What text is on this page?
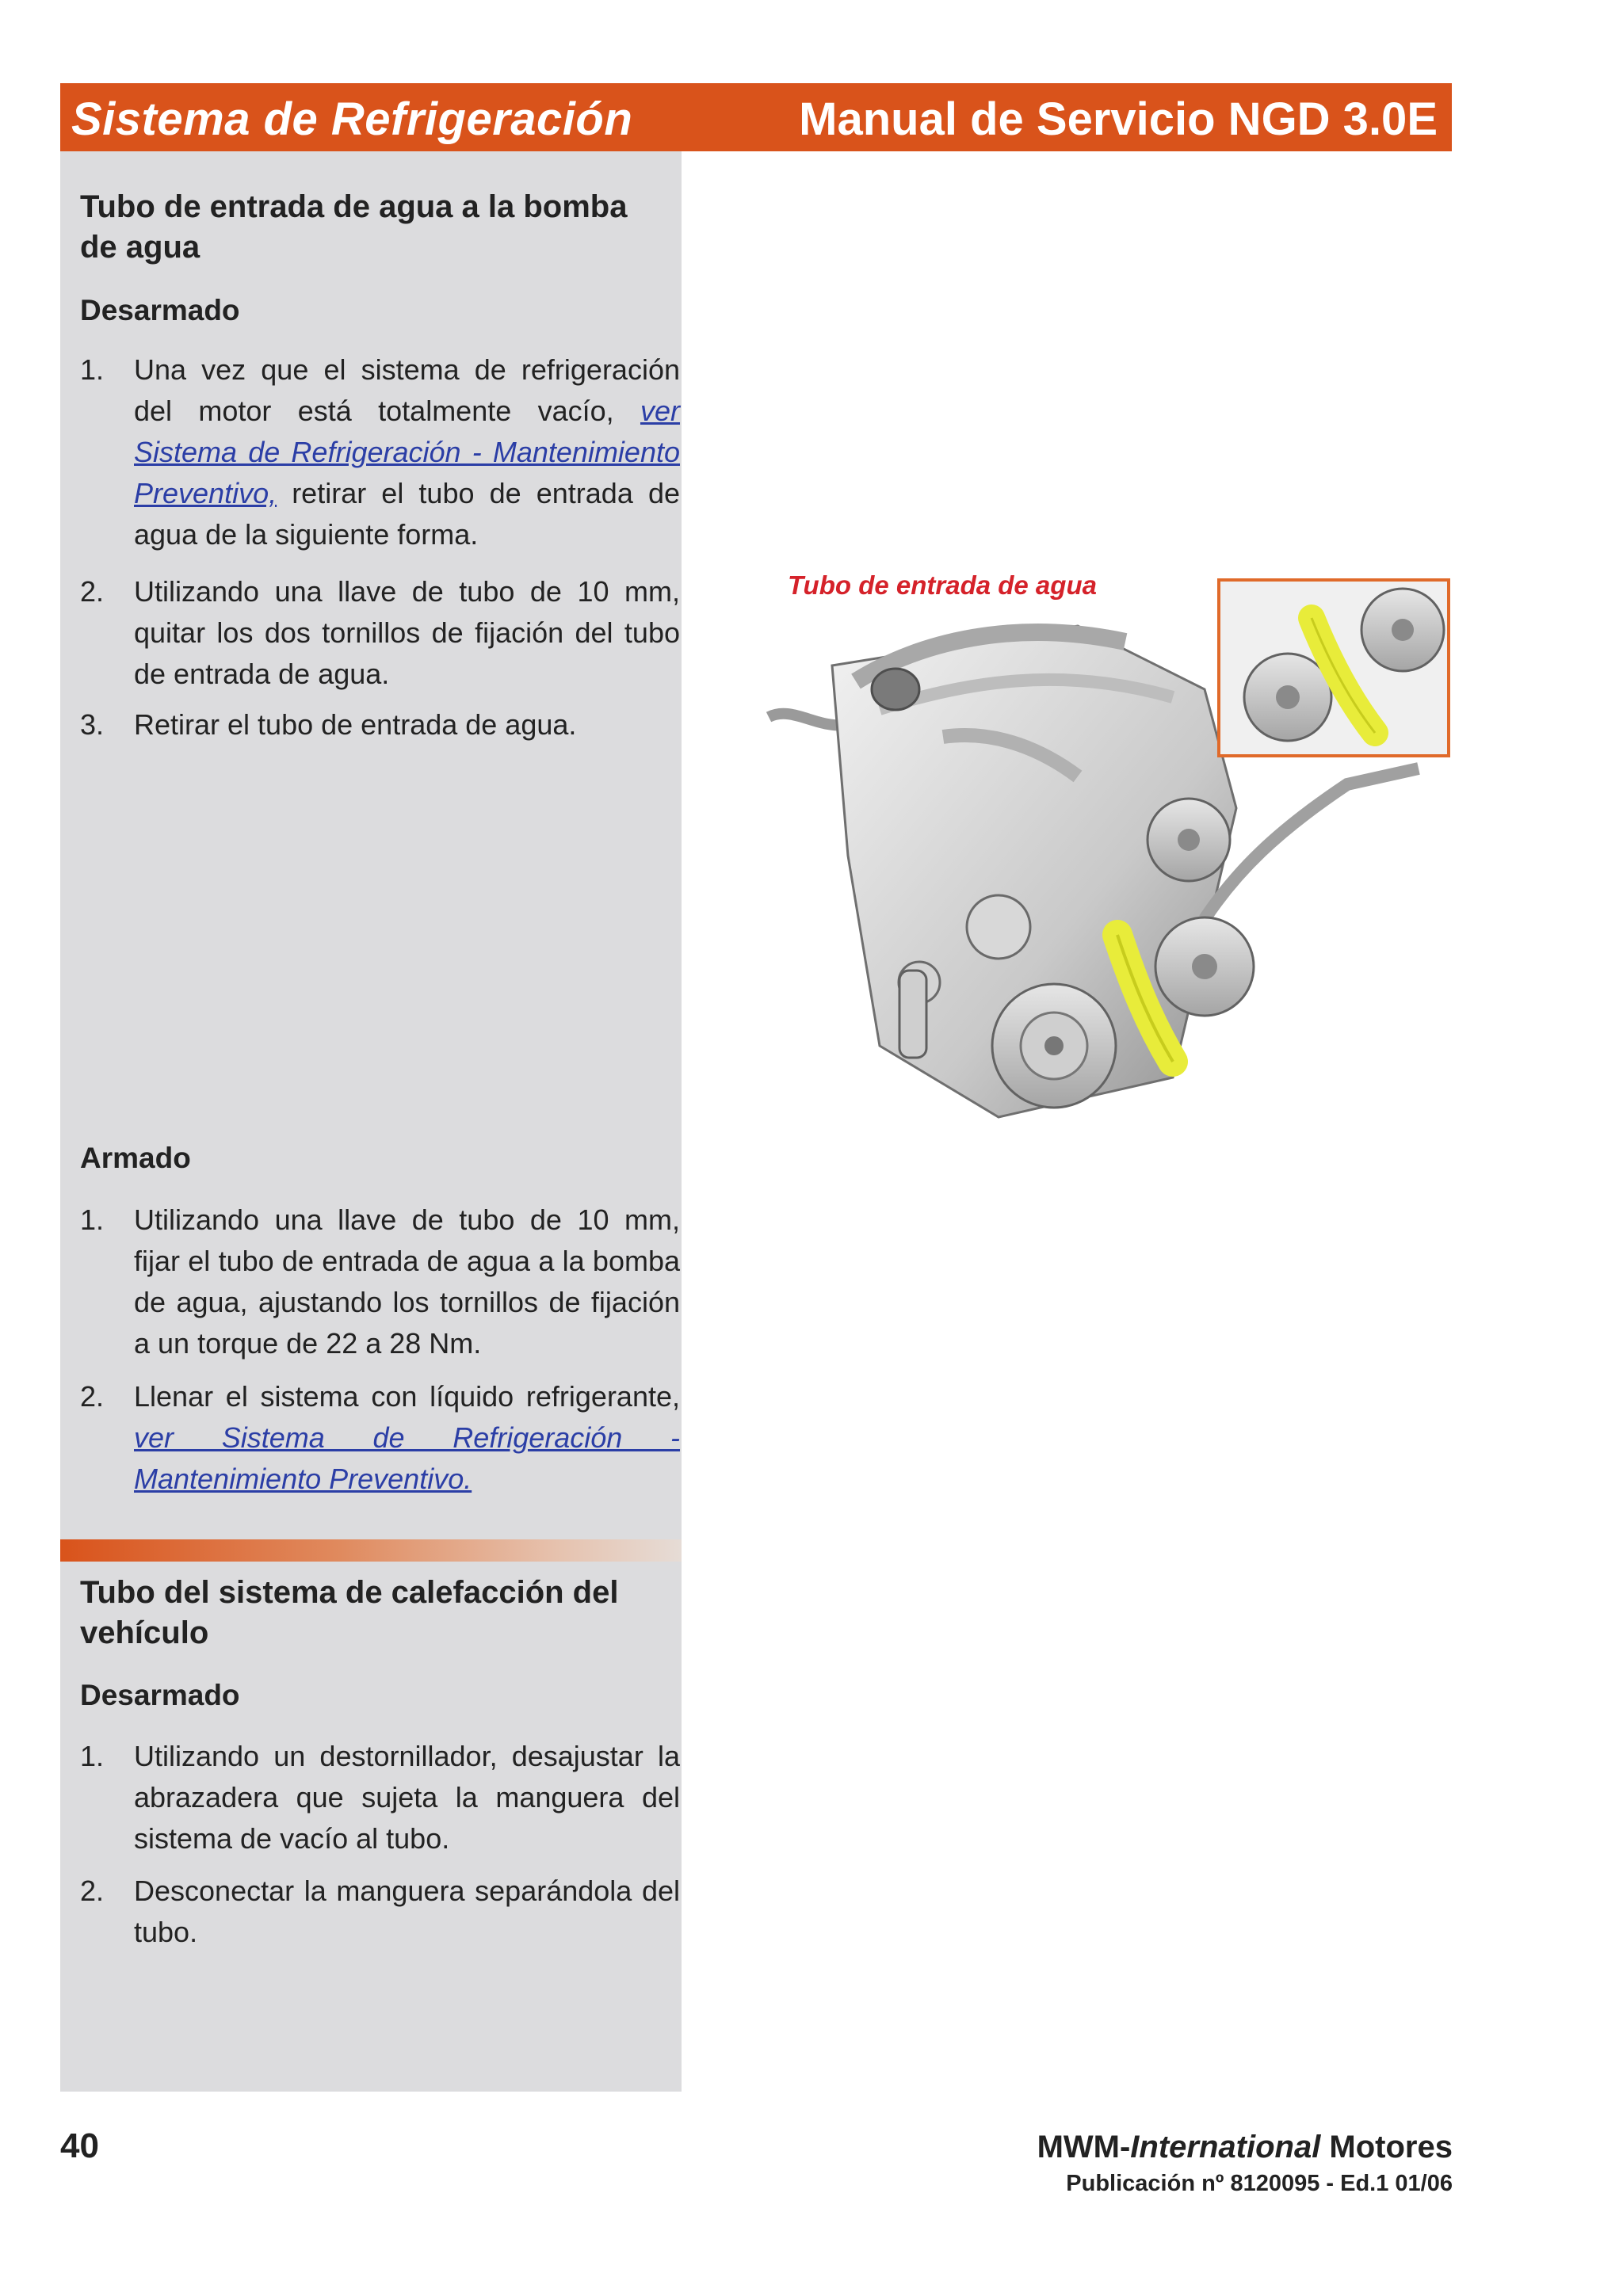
Sistema de Refrigeración	Manual de Servicio NGD 3.0E
Tubo de entrada de agua a la bomba de agua
Desarmado
1.	Una vez que el sistema de refrigeración del motor está totalmente vacío, ver Sistema de Refrigeración - Mantenimiento Preventivo, retirar el tubo de entrada de agua de la siguiente forma.
2.	Utilizando una llave de tubo de 10 mm, quitar los dos tornillos de fijación del tubo de entrada de agua.
3.	Retirar el tubo de entrada de agua.
Armado
1.	Utilizando una llave de tubo de 10 mm, fijar el tubo de entrada de agua a la bomba de agua, ajustando los tornillos de fijación a un torque de 22 a 28 Nm.
2.	Llenar el sistema con líquido refrigerante, ver Sistema de Refrigeración - Mantenimiento Preventivo.
Tubo del sistema de calefacción del vehículo
Desarmado
1.	Utilizando un destornillador, desajustar la abrazadera que sujeta la manguera del sistema de vacío al tubo.
2.	Desconectar la manguera separándola del tubo.
Tubo de entrada de agua
40	MWM-International Motores
Publicación nº 8120095 - Ed.1 01/06
